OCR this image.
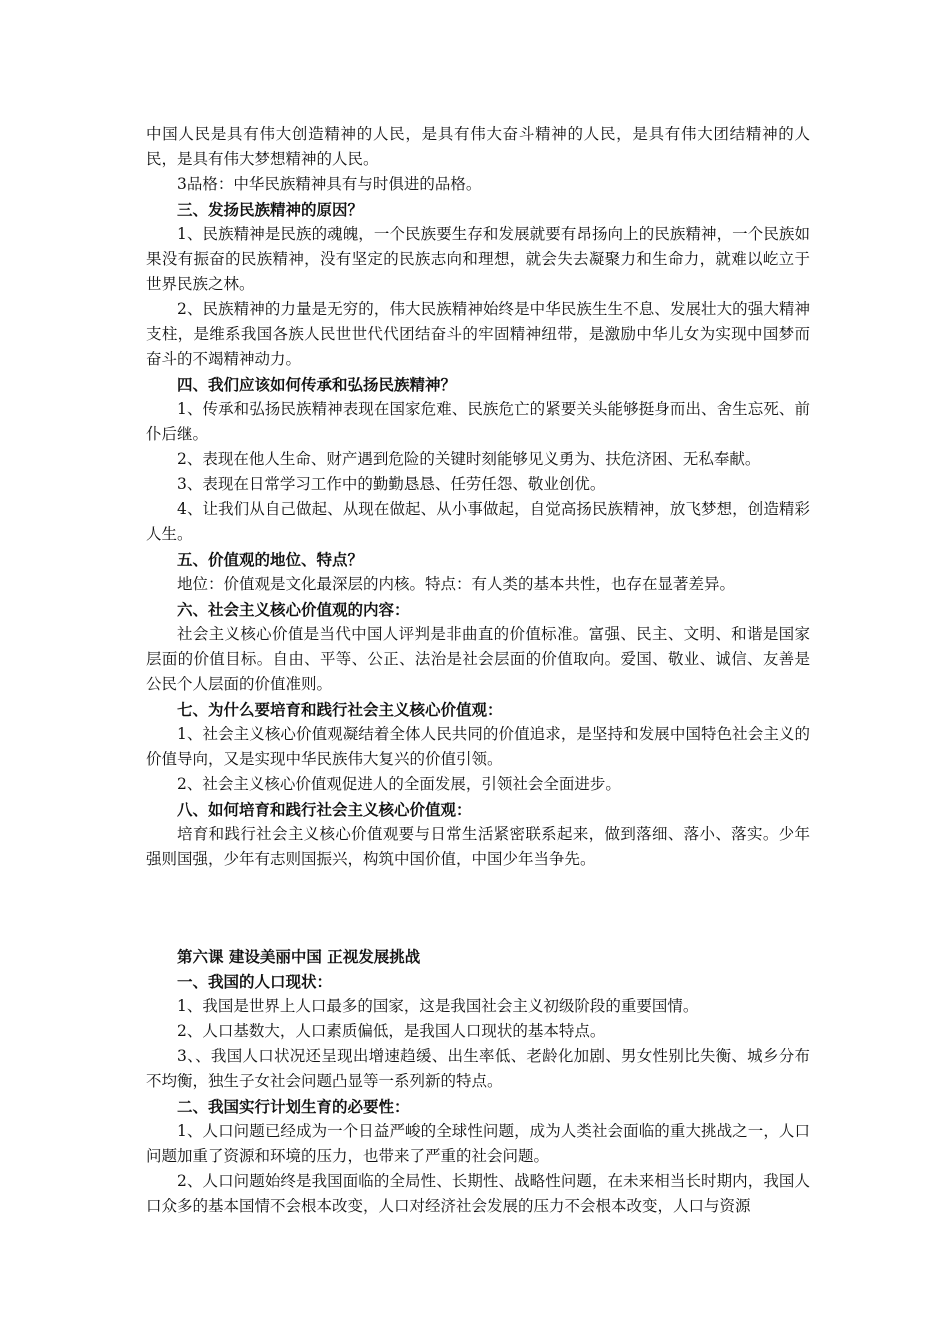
中国人民是具有伟大创造精神的人民，是具有伟大奋斗精神的人民，是具有伟大团结精神的人民，是具有伟大梦想精神的人民。

3品格：中华民族精神具有与时俱进的品格。

三、发扬民族精神的原因？

1、民族精神是民族的魂魄，一个民族要生存和发展就要有昂扬向上的民族精神，一个民族如果没有振奋的民族精神，没有坚定的民族志向和理想，就会失去凝聚力和生命力，就难以屹立于世界民族之林。

2、民族精神的力量是无穷的，伟大民族精神始终是中华民族生生不息、发展壮大的强大精神支柱，是维系我国各族人民世世代代团结奋斗的牢固精神纽带，是激励中华儿女为实现中国梦而奋斗的不竭精神动力。

四、我们应该如何传承和弘扬民族精神？

1、传承和弘扬民族精神表现在国家危难、民族危亡的紧要关头能够挺身而出、舍生忘死、前仆后继。

2、表现在他人生命、财产遇到危险的关键时刻能够见义勇为、扶危济困、无私奉献。

3、表现在日常学习工作中的勤勤恳恳、任劳任怨、敬业创优。

4、让我们从自己做起、从现在做起、从小事做起，自觉高扬民族精神，放飞梦想，创造精彩人生。

五、价值观的地位、特点？

地位：价值观是文化最深层的内核。特点：有人类的基本共性，也存在显著差异。

六、社会主义核心价值观的内容：

社会主义核心价值是当代中国人评判是非曲直的价值标准。富强、民主、文明、和谐是国家层面的价值目标。自由、平等、公正、法治是社会层面的价值取向。爱国、敬业、诚信、友善是公民个人层面的价值准则。

七、为什么要培育和践行社会主义核心价值观：

1、社会主义核心价值观凝结着全体人民共同的价值追求，是坚持和发展中国特色社会主义的价值导向，又是实现中华民族伟大复兴的价值引领。

2、社会主义核心价值观促进人的全面发展，引领社会全面进步。

八、如何培育和践行社会主义核心价值观：

培育和践行社会主义核心价值观要与日常生活紧密联系起来，做到落细、落小、落实。少年强则国强，少年有志则国振兴，构筑中国价值，中国少年当争先。

第六课 建设美丽中国 正视发展挑战

一、我国的人口现状：

1、我国是世界上人口最多的国家，这是我国社会主义初级阶段的重要国情。

2、人口基数大，人口素质偏低，是我国人口现状的基本特点。

3、、我国人口状况还呈现出增速趋缓、出生率低、老龄化加剧、男女性别比失衡、城乡分布不均衡，独生子女社会问题凸显等一系列新的特点。

二、我国实行计划生育的必要性：

1、人口问题已经成为一个日益严峻的全球性问题，成为人类社会面临的重大挑战之一，人口问题加重了资源和环境的压力，也带来了严重的社会问题。

2、人口问题始终是我国面临的全局性、长期性、战略性问题，在未来相当长时期内，我国人口众多的基本国情不会根本改变，人口对经济社会发展的压力不会根本改变，人口与资源
